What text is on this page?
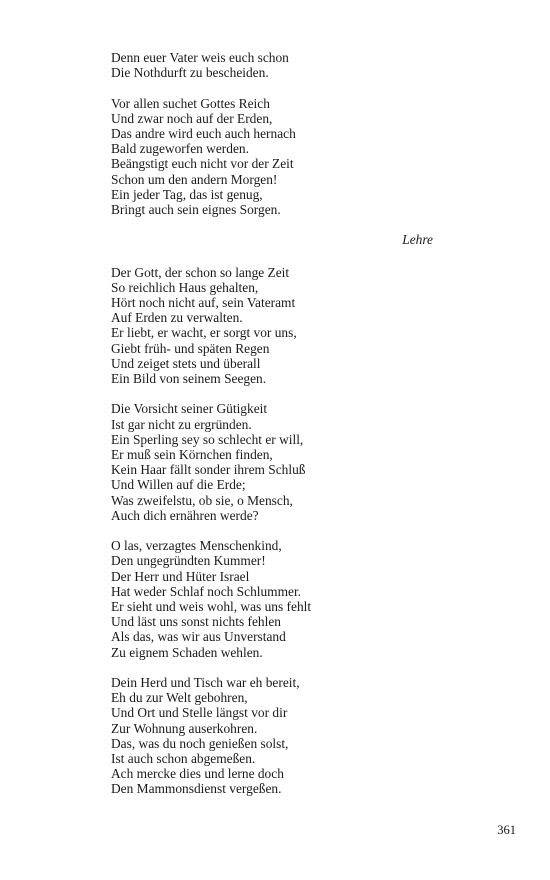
Denn euer Vater weis euch schon
Die Nothdurft zu bescheiden.
Vor allen suchet Gottes Reich
Und zwar noch auf der Erden,
Das andre wird euch auch hernach
Bald zugeworfen werden.
Beängstigt euch nicht vor der Zeit
Schon um den andern Morgen!
Ein jeder Tag, das ist genug,
Bringt auch sein eignes Sorgen.
Lehre
Der Gott, der schon so lange Zeit
So reichlich Haus gehalten,
Hört noch nicht auf, sein Vateramt
Auf Erden zu verwalten.
Er liebt, er wacht, er sorgt vor uns,
Giebt früh- und späten Regen
Und zeiget stets und überall
Ein Bild von seinem Seegen.
Die Vorsicht seiner Gütigkeit
Ist gar nicht zu ergründen.
Ein Sperling sey so schlecht er will,
Er muß sein Körnchen finden,
Kein Haar fällt sonder ihrem Schluß
Und Willen auf die Erde;
Was zweifelstu, ob sie, o Mensch,
Auch dich ernähren werde?
O las, verzagtes Menschenkind,
Den ungegründten Kummer!
Der Herr und Hüter Israel
Hat weder Schlaf noch Schlummer.
Er sieht und weis wohl, was uns fehlt
Und läst uns sonst nichts fehlen
Als das, was wir aus Unverstand
Zu eignem Schaden wehlen.
Dein Herd und Tisch war eh bereit,
Eh du zur Welt gebohren,
Und Ort und Stelle längst vor dir
Zur Wohnung auserkohren.
Das, was du noch genießen solst,
Ist auch schon abgemeßen.
Ach mercke dies und lerne doch
Den Mammonsdienst vergeßen.
361
